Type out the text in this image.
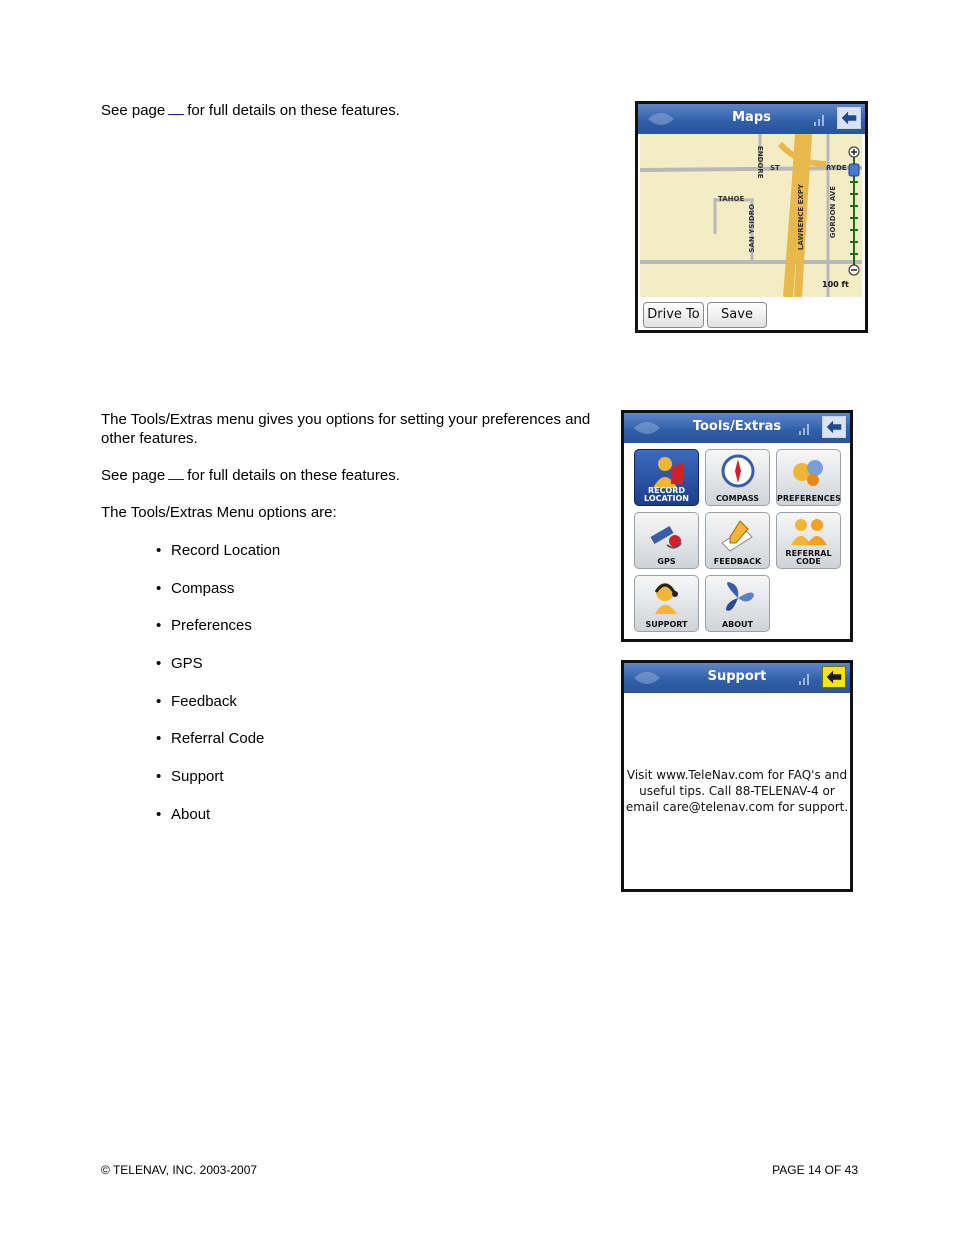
See page for full details on these features.
The Tools/Extras menu gives you options for setting your preferences and
other features.
See page for full details on these features.
The Tools/Extras Menu options are:
• Record Location
• Compass
• Preferences
• GPS
• Feedback
• Referral Code
• Support
• About
Maps
ENDORE ST	RYDE
TAHOE
SAN YSIDRO	LAWRENCE EXPY	GORDON AVE
100 ft
Drive To	Save
Tools/Extras
RECORD
LOCATION	COMPASS	PREFERENCES
GPS	FEEDBACK
REFERRAL
CODE
SUPPORT	ABOUT
Support
Visit www.TeleNav.com for FAQ's and
useful tips. Call 88-TELENAV-4 or
email care@telenav.com for support.
© TELENAV, INC. 2003-2007	PAGE 14 OF 43
